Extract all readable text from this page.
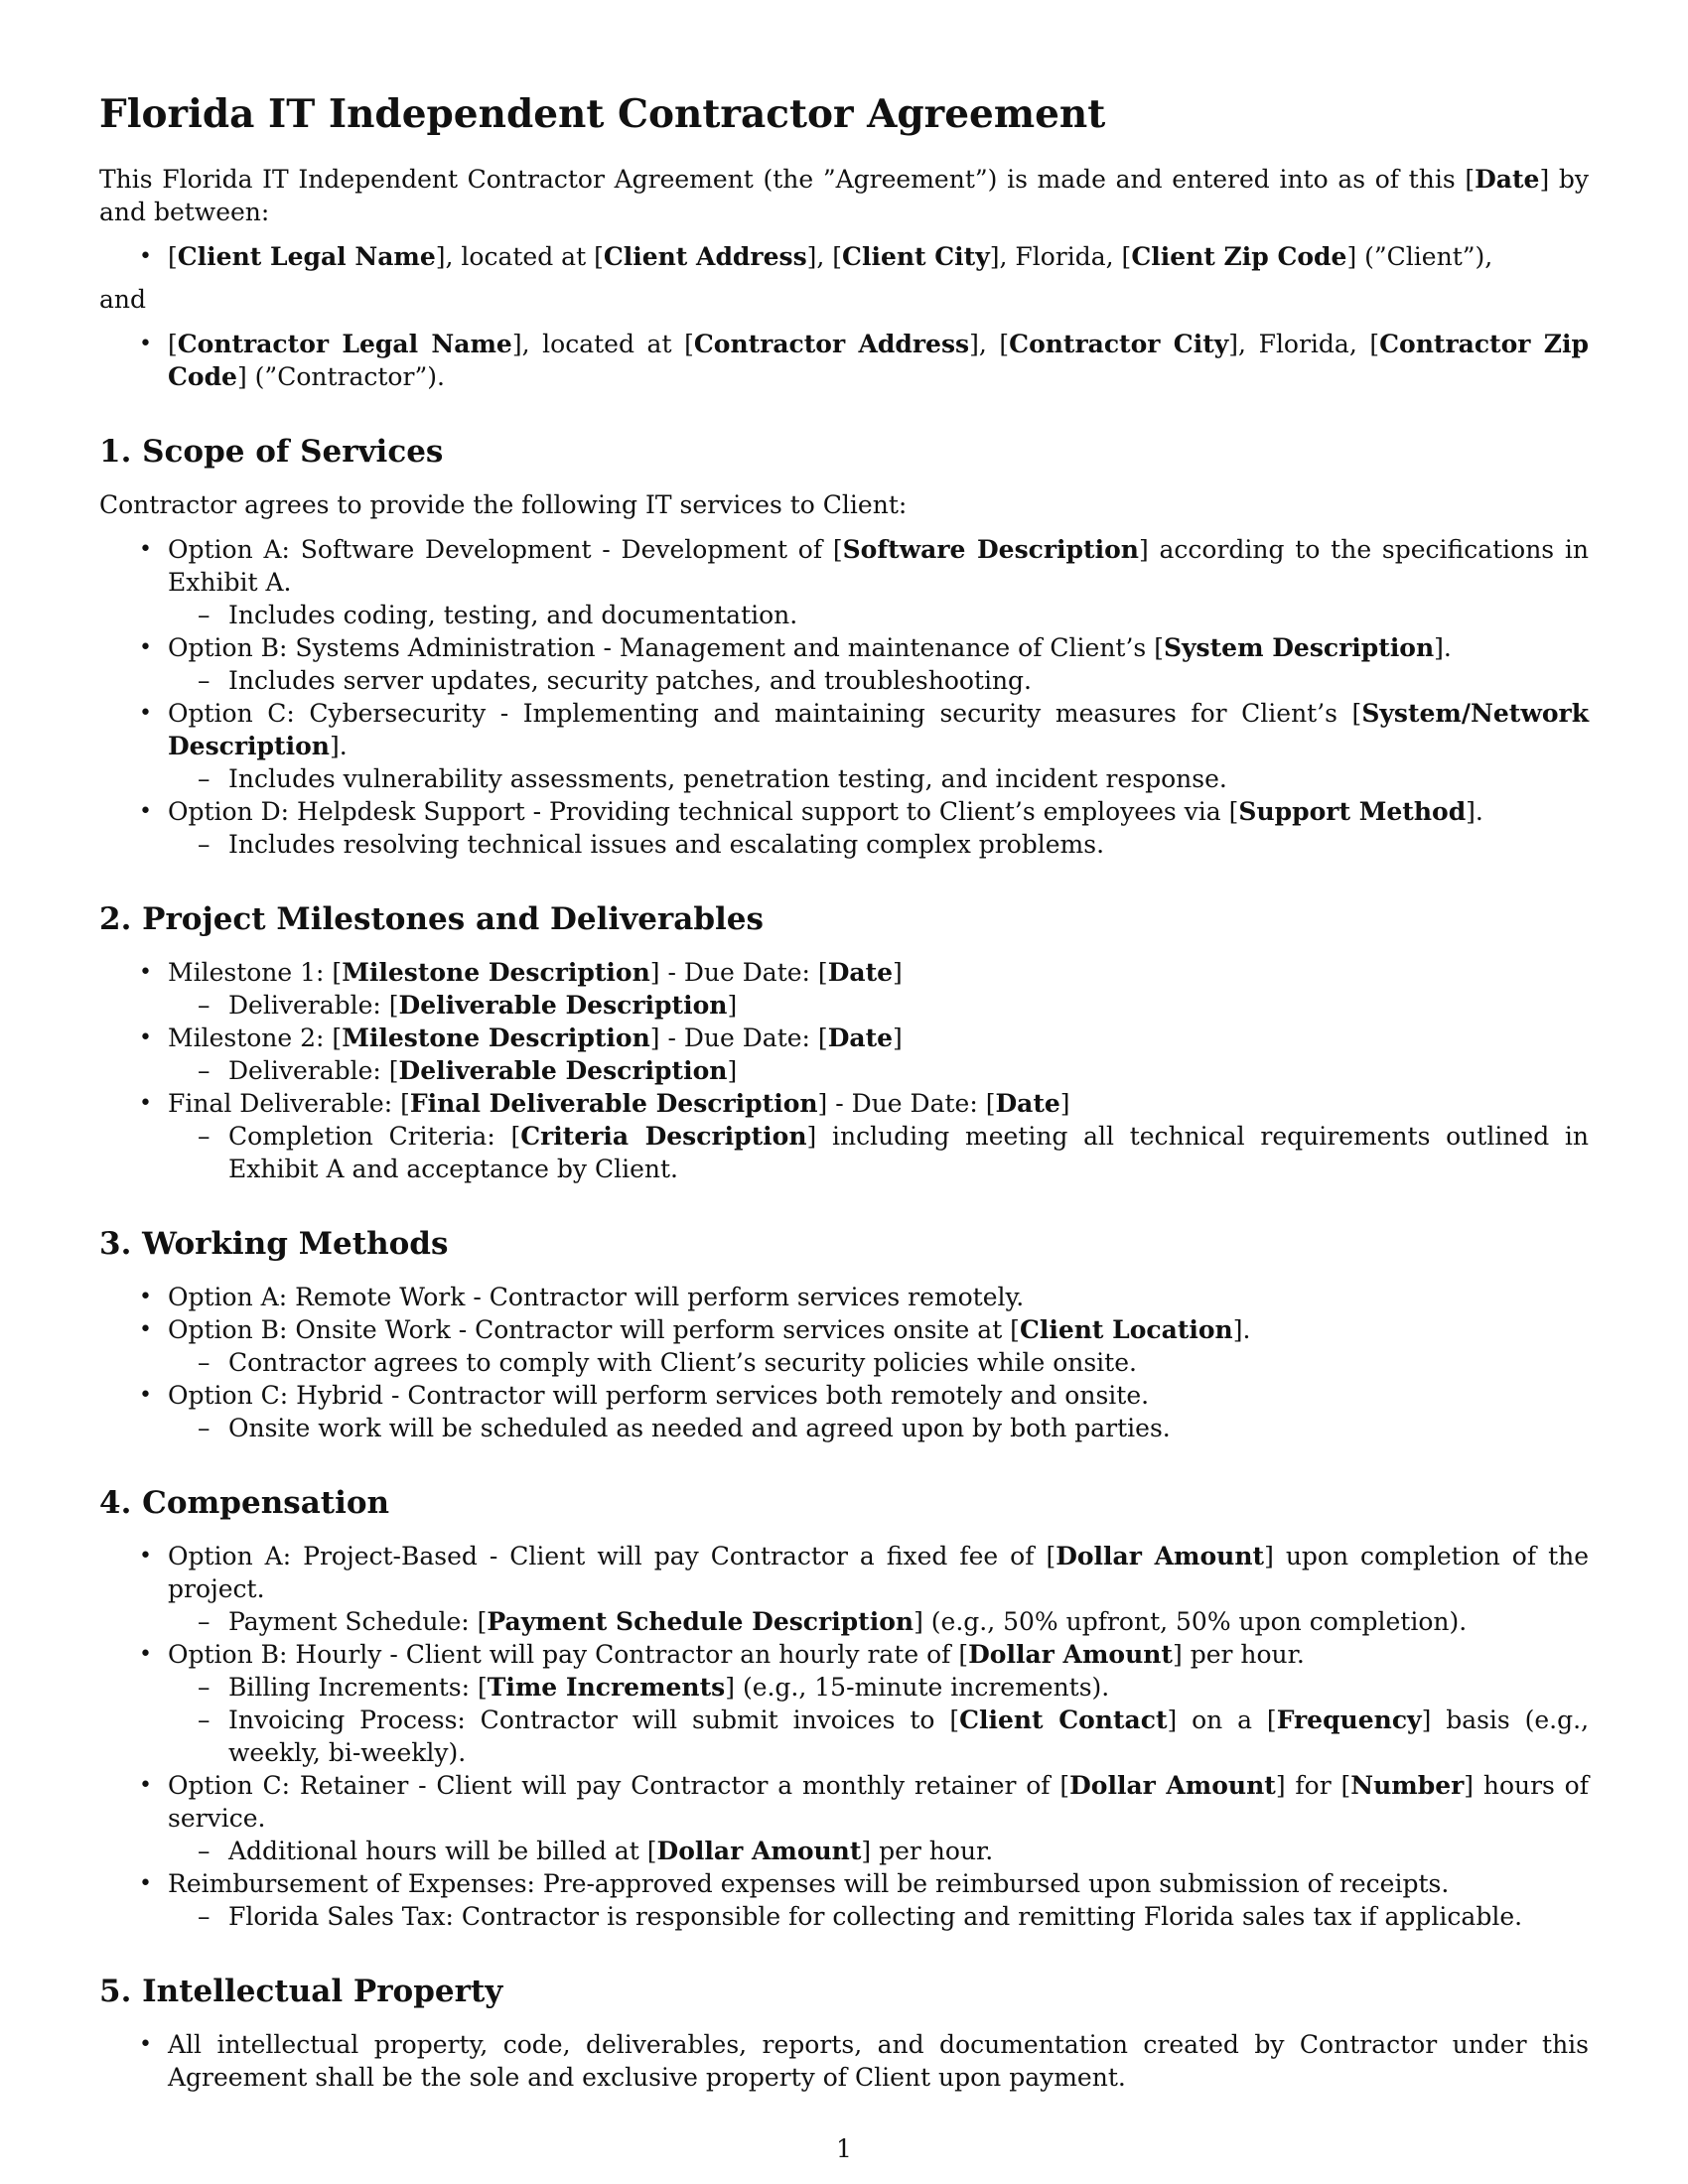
Florida IT Independent Contractor Agreement

This Florida IT Independent Contractor Agreement (the ”Agreement”) is made and entered into as of this [Date] by and between:

• [Client Legal Name], located at [Client Address], [Client City], Florida, [Client Zip Code] (”Client”),

and

• [Contractor Legal Name], located at [Contractor Address], [Contractor City], Florida, [Contractor Zip Code] (”Contractor”).
1. Scope of Services

Contractor agrees to provide the following IT services to Client:

• Option A: Software Development - Development of [Software Description] according to the specifications in Exhibit A.
– Includes coding, testing, and documentation.
• Option B: Systems Administration - Management and maintenance of Client’s [System Description].
– Includes server updates, security patches, and troubleshooting.
• Option C: Cybersecurity - Implementing and maintaining security measures for Client’s [System/Network Description].
– Includes vulnerability assessments, penetration testing, and incident response.
• Option D: Helpdesk Support - Providing technical support to Client’s employees via [Support Method].
– Includes resolving technical issues and escalating complex problems.
2. Project Milestones and Deliverables
• Milestone 1: [Milestone Description] - Due Date: [Date]
– Deliverable: [Deliverable Description]
• Milestone 2: [Milestone Description] - Due Date: [Date]
– Deliverable: [Deliverable Description]
• Final Deliverable: [Final Deliverable Description] - Due Date: [Date]
– Completion Criteria: [Criteria Description] including meeting all technical requirements outlined in Exhibit A and acceptance by Client.
3. Working Methods
• Option A: Remote Work - Contractor will perform services remotely.
• Option B: Onsite Work - Contractor will perform services onsite at [Client Location].
– Contractor agrees to comply with Client’s security policies while onsite.
• Option C: Hybrid - Contractor will perform services both remotely and onsite.
– Onsite work will be scheduled as needed and agreed upon by both parties.
4. Compensation
• Option A: Project-Based - Client will pay Contractor a fixed fee of [Dollar Amount] upon completion of the project.
– Payment Schedule: [Payment Schedule Description] (e.g., 50% upfront, 50% upon completion).
• Option B: Hourly - Client will pay Contractor an hourly rate of [Dollar Amount] per hour.
– Billing Increments: [Time Increments] (e.g., 15-minute increments).
– Invoicing Process: Contractor will submit invoices to [Client Contact] on a [Frequency] basis (e.g., weekly, bi-weekly).
• Option C: Retainer - Client will pay Contractor a monthly retainer of [Dollar Amount] for [Number] hours of service.
– Additional hours will be billed at [Dollar Amount] per hour.
• Reimbursement of Expenses: Pre-approved expenses will be reimbursed upon submission of receipts.
– Florida Sales Tax: Contractor is responsible for collecting and remitting Florida sales tax if applicable.
5. Intellectual Property
• All intellectual property, code, deliverables, reports, and documentation created by Contractor under this Agreement shall be the sole and exclusive property of Client upon payment.
1
